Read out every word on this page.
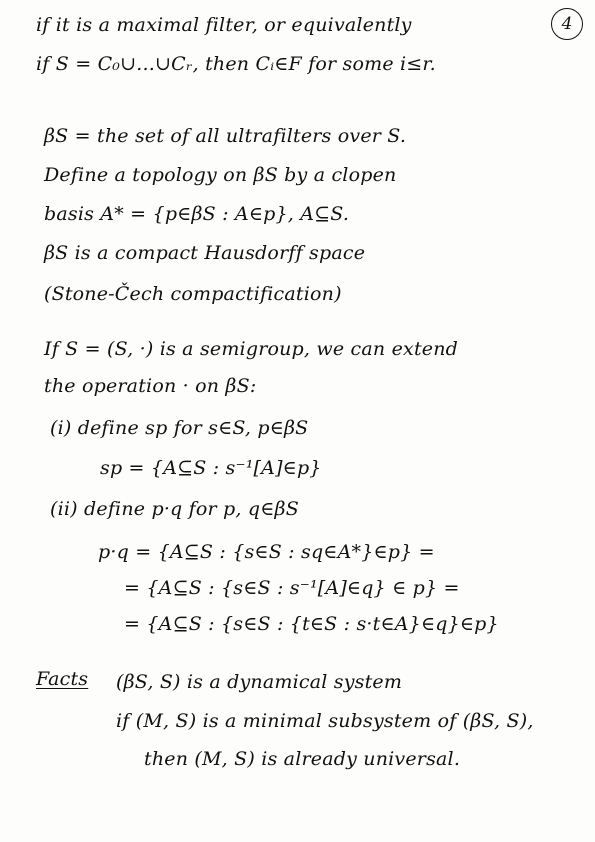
4
if it is a maximal filter, or equivalently
if S = C₀∪...∪Cᵣ, then Cᵢ∈F for some i≤r.
βS = the set of all ultrafilters over S.
Define a topology on βS by a clopen
basis A* = {p∈βS : A∈p}, A⊆S.
βS is a compact Hausdorff space
(Stone-Čech compactification)
If S = (S, ·) is a semigroup, we can extend
the operation · on βS:
(i) define sp for s∈S, p∈βS
sp = {A⊆S : s⁻¹[A]∈p}
(ii) define p·q for p, q∈βS
p·q = {A⊆S : {s∈S : sq∈A*}∈p} =
= {A⊆S : {s∈S : s⁻¹[A]∈q} ∈ p} =
= {A⊆S : {s∈S : {t∈S : s·t∈A}∈q}∈p}
Facts (βS, S) is a dynamical system
if (M, S) is a minimal subsystem of (βS, S),
then (M, S) is already universal.
